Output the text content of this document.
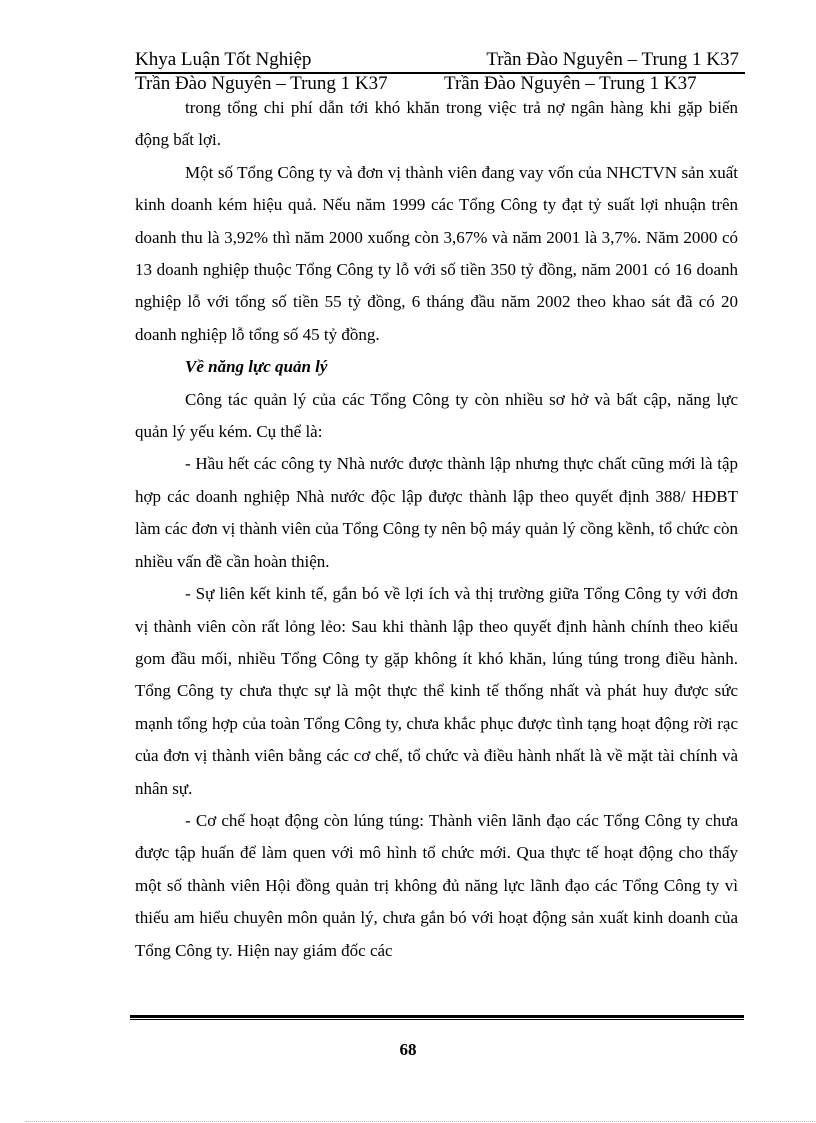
Khya Luận Tốt Nghiệp	Trần Đào Nguyên – Trung 1 K37
Trần Đào Nguyên – Trung 1 K37	Trần Đào Nguyên – Trung 1 K37

trong tổng chi phí dẫn tới khó khăn trong việc trả nợ ngân hàng khi gặp biến động bất lợi.

Một số Tổng Công ty và đơn vị thành viên đang vay vốn của NHCTVN sản xuất kinh doanh kém hiệu quả. Nếu năm 1999 các Tổng Công ty đạt tỷ suất lợi nhuận trên doanh thu là 3,92% thì năm 2000 xuống còn 3,67% và năm 2001 là 3,7%. Năm 2000 có 13 doanh nghiệp thuộc Tổng Công ty lỗ với số tiền 350 tỷ đồng, năm 2001 có 16 doanh nghiệp lỗ với tổng số tiền 55 tỷ đồng, 6 tháng đầu năm 2002 theo khao sát đã có 20 doanh nghiệp lỗ tổng số 45 tỷ đồng.

Về năng lực quản lý

Công tác quản lý của các Tổng Công ty còn nhiều sơ hở và bất cập, năng lực quản lý yếu kém. Cụ thể là:

- Hầu hết các công ty Nhà nước được thành lập nhưng thực chất cũng mới là tập hợp các doanh nghiệp Nhà nước độc lập được thành lập theo quyết định 388/ HĐBT làm các đơn vị thành viên của Tổng Công ty nên bộ máy quản lý cồng kềnh, tổ chức còn nhiều vấn đề cần hoàn thiện.

- Sự liên kết kinh tế, gắn bó về lợi ích và thị trường giữa Tổng Công ty với đơn vị thành viên còn rất lỏng lẻo: Sau khi thành lập theo quyết định hành chính theo kiểu gom đầu mối, nhiều Tổng Công ty gặp không ít khó khăn, lúng túng trong điều hành. Tổng Công ty chưa thực sự là một thực thể kinh tế thống nhất và phát huy được sức mạnh tổng hợp của toàn Tổng Công ty, chưa khắc phục được tình tạng hoạt động rời rạc của đơn vị thành viên bằng các cơ chế, tổ chức và điều hành nhất là về mặt tài chính và nhân sự.

- Cơ chế hoạt động còn lúng túng: Thành viên lãnh đạo các Tổng Công ty chưa được tập huấn để làm quen với mô hình tổ chức mới. Qua thực tế hoạt động cho thấy một số thành viên Hội đồng quản trị không đủ năng lực lãnh đạo các Tổng Công ty vì thiếu am hiểu chuyên môn quản lý, chưa gắn bó với hoạt động sản xuất kinh doanh của Tổng Công ty. Hiện nay giám đốc các

68
